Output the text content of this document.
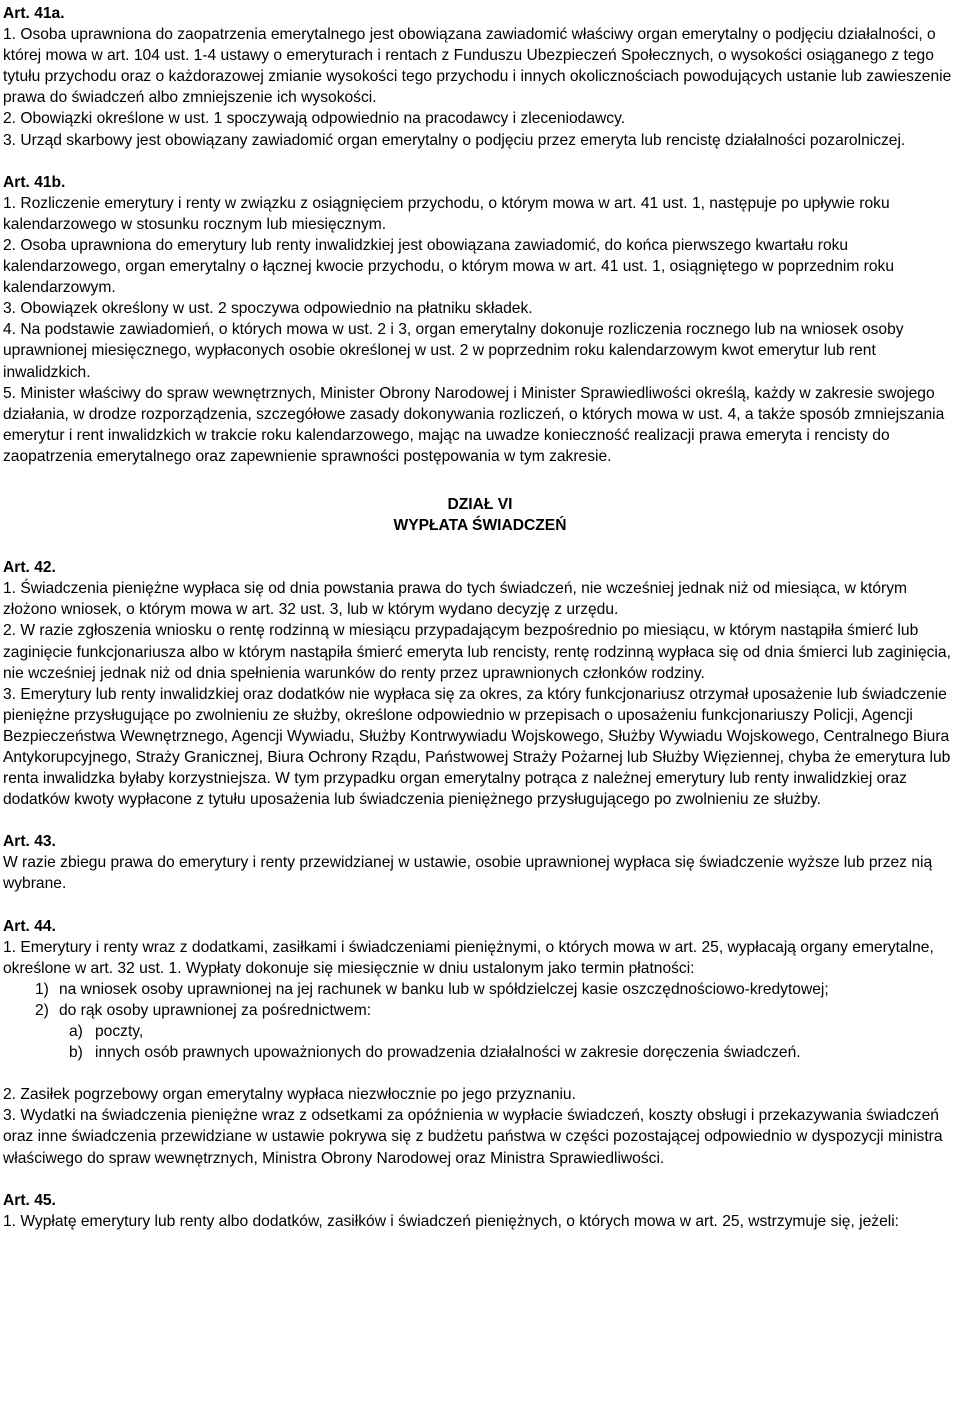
Art. 41a.

1. Osoba uprawniona do zaopatrzenia emerytalnego jest obowiązana zawiadomić właściwy organ emerytalny o podjęciu działalności, o której mowa w art. 104 ust. 1-4 ustawy o emeryturach i rentach z Funduszu Ubezpieczeń Społecznych, o wysokości osiąganego z tego tytułu przychodu oraz o każdorazowej zmianie wysokości tego przychodu i innych okolicznościach powodujących ustanie lub zawieszenie prawa do świadczeń albo zmniejszenie ich wysokości.

2. Obowiązki określone w ust. 1 spoczywają odpowiednio na pracodawcy i zleceniodawcy.

3. Urząd skarbowy jest obowiązany zawiadomić organ emerytalny o podjęciu przez emeryta lub rencistę działalności pozarolniczej.

Art. 41b.

1. Rozliczenie emerytury i renty w związku z osiągnięciem przychodu, o którym mowa w art. 41 ust. 1, następuje po upływie roku kalendarzowego w stosunku rocznym lub miesięcznym.

2. Osoba uprawniona do emerytury lub renty inwalidzkiej jest obowiązana zawiadomić, do końca pierwszego kwartału roku kalendarzowego, organ emerytalny o łącznej kwocie przychodu, o którym mowa w art. 41 ust. 1, osiągniętego w poprzednim roku kalendarzowym.

3. Obowiązek określony w ust. 2 spoczywa odpowiednio na płatniku składek.

4. Na podstawie zawiadomień, o których mowa w ust. 2 i 3, organ emerytalny dokonuje rozliczenia rocznego lub na wniosek osoby uprawnionej miesięcznego, wypłaconych osobie określonej w ust. 2 w poprzednim roku kalendarzowym kwot emerytur lub rent inwalidzkich.

5. Minister właściwy do spraw wewnętrznych, Minister Obrony Narodowej i Minister Sprawiedliwości określą, każdy w zakresie swojego działania, w drodze rozporządzenia, szczegółowe zasady dokonywania rozliczeń, o których mowa w ust. 4, a także sposób zmniejszania emerytur i rent inwalidzkich w trakcie roku kalendarzowego, mając na uwadze konieczność realizacji prawa emeryta i rencisty do zaopatrzenia emerytalnego oraz zapewnienie sprawności postępowania w tym zakresie.

DZIAŁ VI

WYPŁATA ŚWIADCZEŃ

Art. 42.

1. Świadczenia pieniężne wypłaca się od dnia powstania prawa do tych świadczeń, nie wcześniej jednak niż od miesiąca, w którym złożono wniosek, o którym mowa w art. 32 ust. 3, lub w którym wydano decyzję z urzędu.

2. W razie zgłoszenia wniosku o rentę rodzinną w miesiącu przypadającym bezpośrednio po miesiącu, w którym nastąpiła śmierć lub zaginięcie funkcjonariusza albo w którym nastąpiła śmierć emeryta lub rencisty, rentę rodzinną wypłaca się od dnia śmierci lub zaginięcia, nie wcześniej jednak niż od dnia spełnienia warunków do renty przez uprawnionych członków rodziny.

3. Emerytury lub renty inwalidzkiej oraz dodatków nie wypłaca się za okres, za który funkcjonariusz otrzymał uposażenie lub świadczenie pieniężne przysługujące po zwolnieniu ze służby, określone odpowiednio w przepisach o uposażeniu funkcjonariuszy Policji, Agencji Bezpieczeństwa Wewnętrznego, Agencji Wywiadu, Służby Kontrwywiadu Wojskowego, Służby Wywiadu Wojskowego, Centralnego Biura Antykorupcyjnego, Straży Granicznej, Biura Ochrony Rządu, Państwowej Straży Pożarnej lub Służby Więziennej, chyba że emerytura lub renta inwalidzka byłaby korzystniejsza. W tym przypadku organ emerytalny potrąca z należnej emerytury lub renty inwalidzkiej oraz dodatków kwoty wypłacone z tytułu uposażenia lub świadczenia pieniężnego przysługującego po zwolnieniu ze służby.

Art. 43.

W razie zbiegu prawa do emerytury i renty przewidzianej w ustawie, osobie uprawnionej wypłaca się świadczenie wyższe lub przez nią wybrane.

Art. 44.

1. Emerytury i renty wraz z dodatkami, zasiłkami i świadczeniami pieniężnymi, o których mowa w art. 25, wypłacają organy emerytalne, określone w art. 32 ust. 1. Wypłaty dokonuje się miesięcznie w dniu ustalonym jako termin płatności:

1) na wniosek osoby uprawnionej na jej rachunek w banku lub w spółdzielczej kasie oszczędnościowo-kredytowej;
2) do rąk osoby uprawnionej za pośrednictwem:
a) poczty,
b) innych osób prawnych upoważnionych do prowadzenia działalności w zakresie doręczenia świadczeń.

2. Zasiłek pogrzebowy organ emerytalny wypłaca niezwłocznie po jego przyznaniu.

3. Wydatki na świadczenia pieniężne wraz z odsetkami za opóźnienia w wypłacie świadczeń, koszty obsługi i przekazywania świadczeń oraz inne świadczenia przewidziane w ustawie pokrywa się z budżetu państwa w części pozostającej odpowiednio w dyspozycji ministra właściwego do spraw wewnętrznych, Ministra Obrony Narodowej oraz Ministra Sprawiedliwości.

Art. 45.

1. Wypłatę emerytury lub renty albo dodatków, zasiłków i świadczeń pieniężnych, o których mowa w art. 25, wstrzymuje się, jeżeli:
